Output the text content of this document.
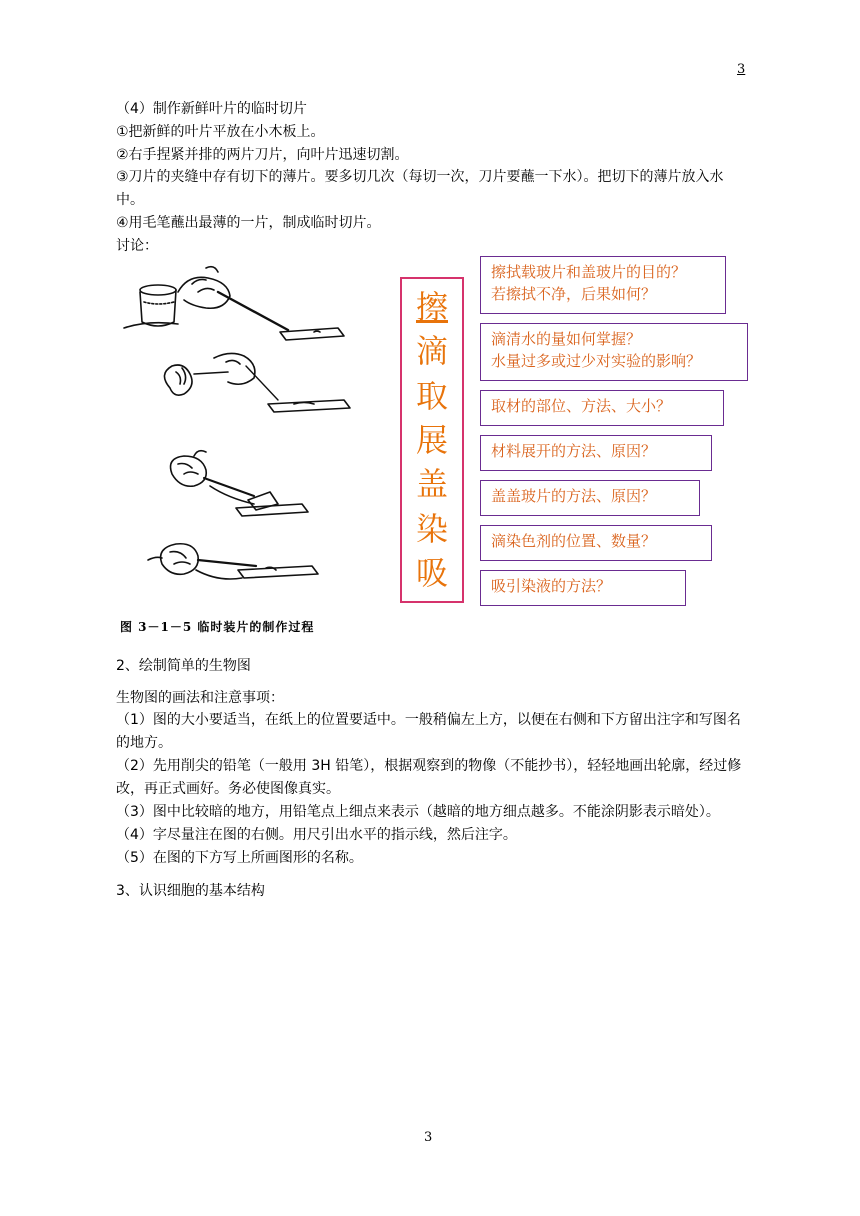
3

（4）制作新鲜叶片的临时切片

①把新鲜的叶片平放在小木板上。

②右手捏紧并排的两片刀片，向叶片迅速切割。

③刀片的夹缝中存有切下的薄片。要多切几次（每切一次，刀片要蘸一下水）。把切下的薄片放入水中。

④用毛笔蘸出最薄的一片，制成临时切片。

讨论：

图 3－1－5 临时装片的制作过程
擦
滴
取
展
盖
染
吸
擦拭载玻片和盖玻片的目的？
若擦拭不净，后果如何？
滴清水的量如何掌握？
水量过多或过少对实验的影响？
取材的部位、方法、大小？
材料展开的方法、原因？
盖盖玻片的方法、原因？
滴染色剂的位置、数量？
吸引染液的方法？

2、绘制简单的生物图

生物图的画法和注意事项：

（1）图的大小要适当，在纸上的位置要适中。一般稍偏左上方，以便在右侧和下方留出注字和写图名的地方。

（2）先用削尖的铅笔（一般用 3H 铅笔），根据观察到的物像（不能抄书），轻轻地画出轮廓，经过修改，再正式画好。务必使图像真实。

（3）图中比较暗的地方，用铅笔点上细点来表示（越暗的地方细点越多。不能涂阴影表示暗处）。

（4）字尽量注在图的右侧。用尺引出水平的指示线，然后注字。

（5）在图的下方写上所画图形的名称。

3、认识细胞的基本结构

3
